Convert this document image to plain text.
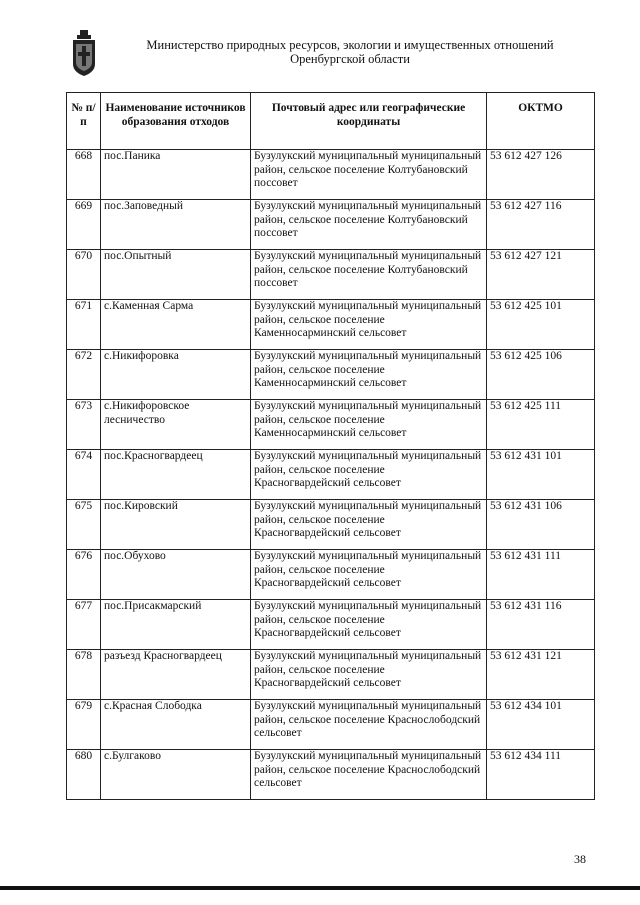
Министерство природных ресурсов, экологии и имущественных отношений
Оренбургской области
№ п/п	Наименование источников образования отходов	Почтовый адрес или географические координаты	ОКТМО
668	пос.Паника	Бузулукский муниципальный муниципальный район, сельское поселение Колтубановский поссовет	53 612 427 126
669	пос.Заповедный	Бузулукский муниципальный муниципальный район, сельское поселение Колтубановский поссовет	53 612 427 116
670	пос.Опытный	Бузулукский муниципальный муниципальный район, сельское поселение Колтубановский поссовет	53 612 427 121
671	с.Каменная Сарма	Бузулукский муниципальный муниципальный район, сельское поселение Каменносарминский сельсовет	53 612 425 101
672	с.Никифоровка	Бузулукский муниципальный муниципальный район, сельское поселение Каменносарминский сельсовет	53 612 425 106
673	с.Никифоровское лесничество	Бузулукский муниципальный муниципальный район, сельское поселение Каменносарминский сельсовет	53 612 425 111
674	пос.Красногвардеец	Бузулукский муниципальный муниципальный район, сельское поселение Красногвардейский сельсовет	53 612 431 101
675	пос.Кировский	Бузулукский муниципальный муниципальный район, сельское поселение Красногвардейский сельсовет	53 612 431 106
676	пос.Обухово	Бузулукский муниципальный муниципальный район, сельское поселение Красногвардейский сельсовет	53 612 431 111
677	пос.Присакмарский	Бузулукский муниципальный муниципальный район, сельское поселение Красногвардейский сельсовет	53 612 431 116
678	разъезд Красногвардеец	Бузулукский муниципальный муниципальный район, сельское поселение Красногвардейский сельсовет	53 612 431 121
679	с.Красная Слободка	Бузулукский муниципальный муниципальный район, сельское поселение Краснослободский сельсовет	53 612 434 101
680	с.Булгаково	Бузулукский муниципальный муниципальный район, сельское поселение Краснослободский сельсовет	53 612 434 111
38
